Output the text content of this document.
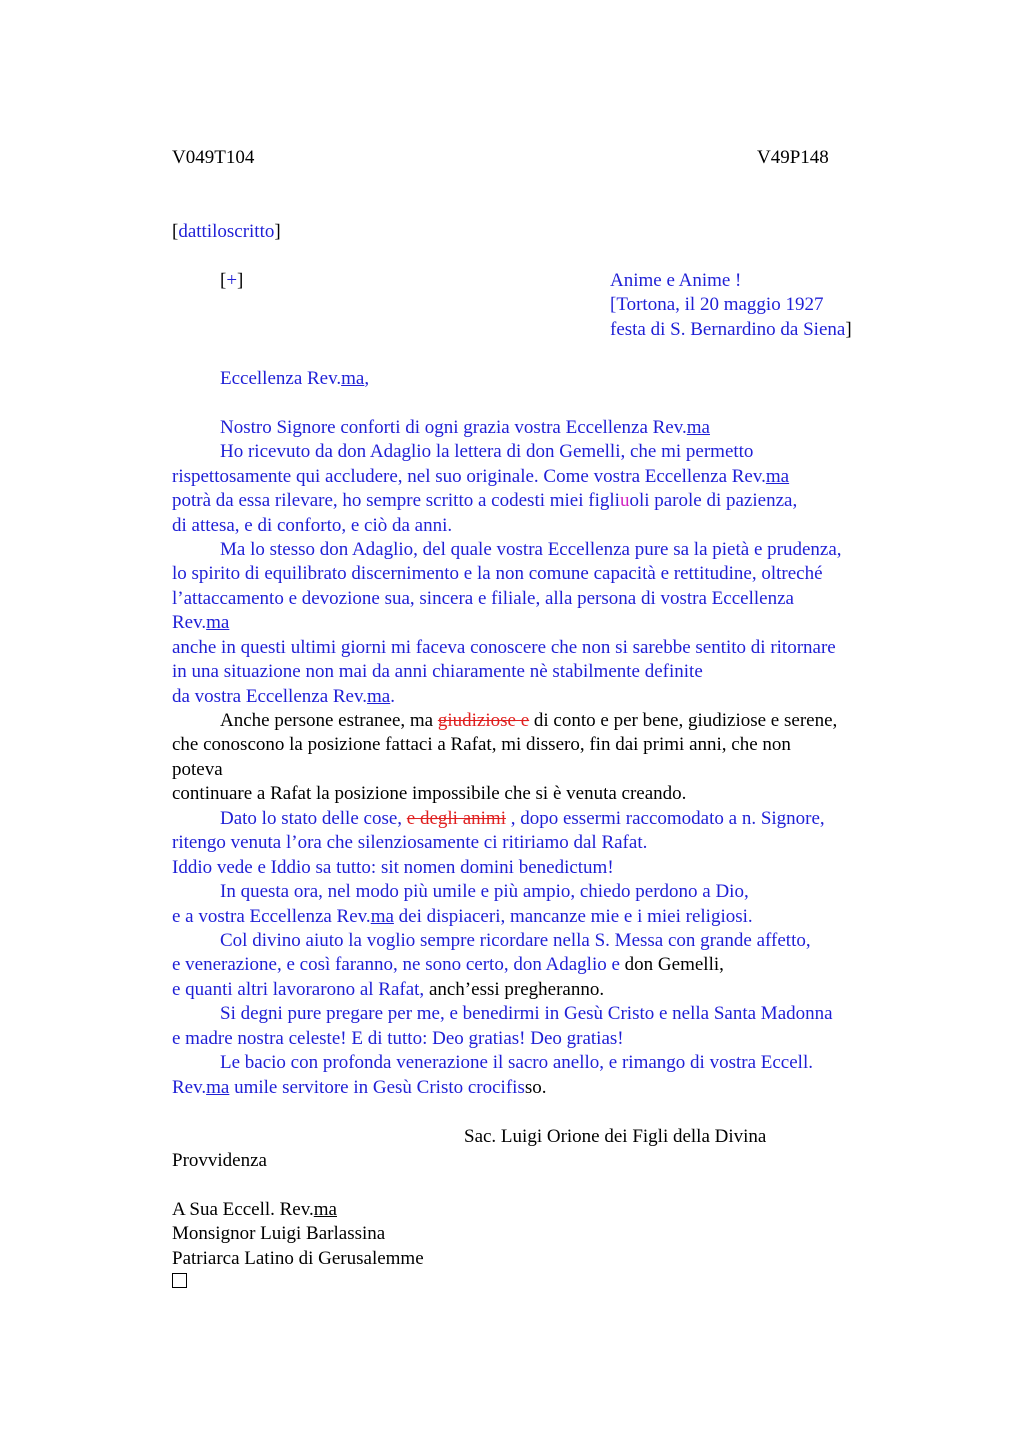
V049T104	V49P148
[dattiloscritto]
[+]	Anime e Anime !
[Tortona, il 20 maggio 1927
festa di S. Bernardino da Siena]
Eccellenza Rev.ma,
Nostro Signore conforti di ogni grazia vostra Eccellenza Rev.ma
Ho ricevuto da don Adaglio la lettera di don Gemelli, che mi permetto
rispettosamente qui accludere, nel suo originale. Come vostra Eccellenza Rev.ma
potrà da essa rilevare, ho sempre scritto a codesti miei figliuoli parole di pazienza,
di attesa, e di conforto, e ciò da anni.
Ma lo stesso don Adaglio, del quale vostra Eccellenza pure sa la pietà e prudenza,
lo spirito di equilibrato discernimento e la non comune capacità e rettitudine, oltreché
l’attaccamento e devozione sua, sincera e filiale, alla persona di vostra Eccellenza
Rev.ma
anche in questi ultimi giorni mi faceva conoscere che non si sarebbe sentito di ritornare
in una situazione non mai da anni chiaramente nè stabilmente definite
da vostra Eccellenza Rev.ma.
Anche persone estranee, ma giudiziose e di conto e per bene, giudiziose e serene,
che conoscono la posizione fattaci a Rafat, mi dissero, fin dai primi anni, che non
poteva
continuare a Rafat la posizione impossibile che si è venuta creando.
Dato lo stato delle cose, e degli animi , dopo essermi raccomodato a n. Signore,
ritengo venuta l’ora che silenziosamente ci ritiriamo dal Rafat.
Iddio vede e Iddio sa tutto: sit nomen domini benedictum!
In questa ora, nel modo più umile e più ampio, chiedo perdono a Dio,
e a vostra Eccellenza Rev.ma dei dispiaceri, mancanze mie e i miei religiosi.
Col divino aiuto la voglio sempre ricordare nella S. Messa con grande affetto,
e venerazione, e così faranno, ne sono certo, don Adaglio e don Gemelli,
e quanti altri lavorarono al Rafat, anch’essi pregheranno.
Si degni pure pregare per me, e benedirmi in Gesù Cristo e nella Santa Madonna
e madre nostra celeste! E di tutto: Deo gratias! Deo gratias!
Le bacio con profonda venerazione il sacro anello, e rimango di vostra Eccell.
Rev.ma umile servitore in Gesù Cristo crocifisso.
Sac. Luigi Orione dei Figli della Divina
Provvidenza
A Sua Eccell. Rev.ma
Monsignor Luigi Barlassina
Patriarca Latino di Gerusalemme
